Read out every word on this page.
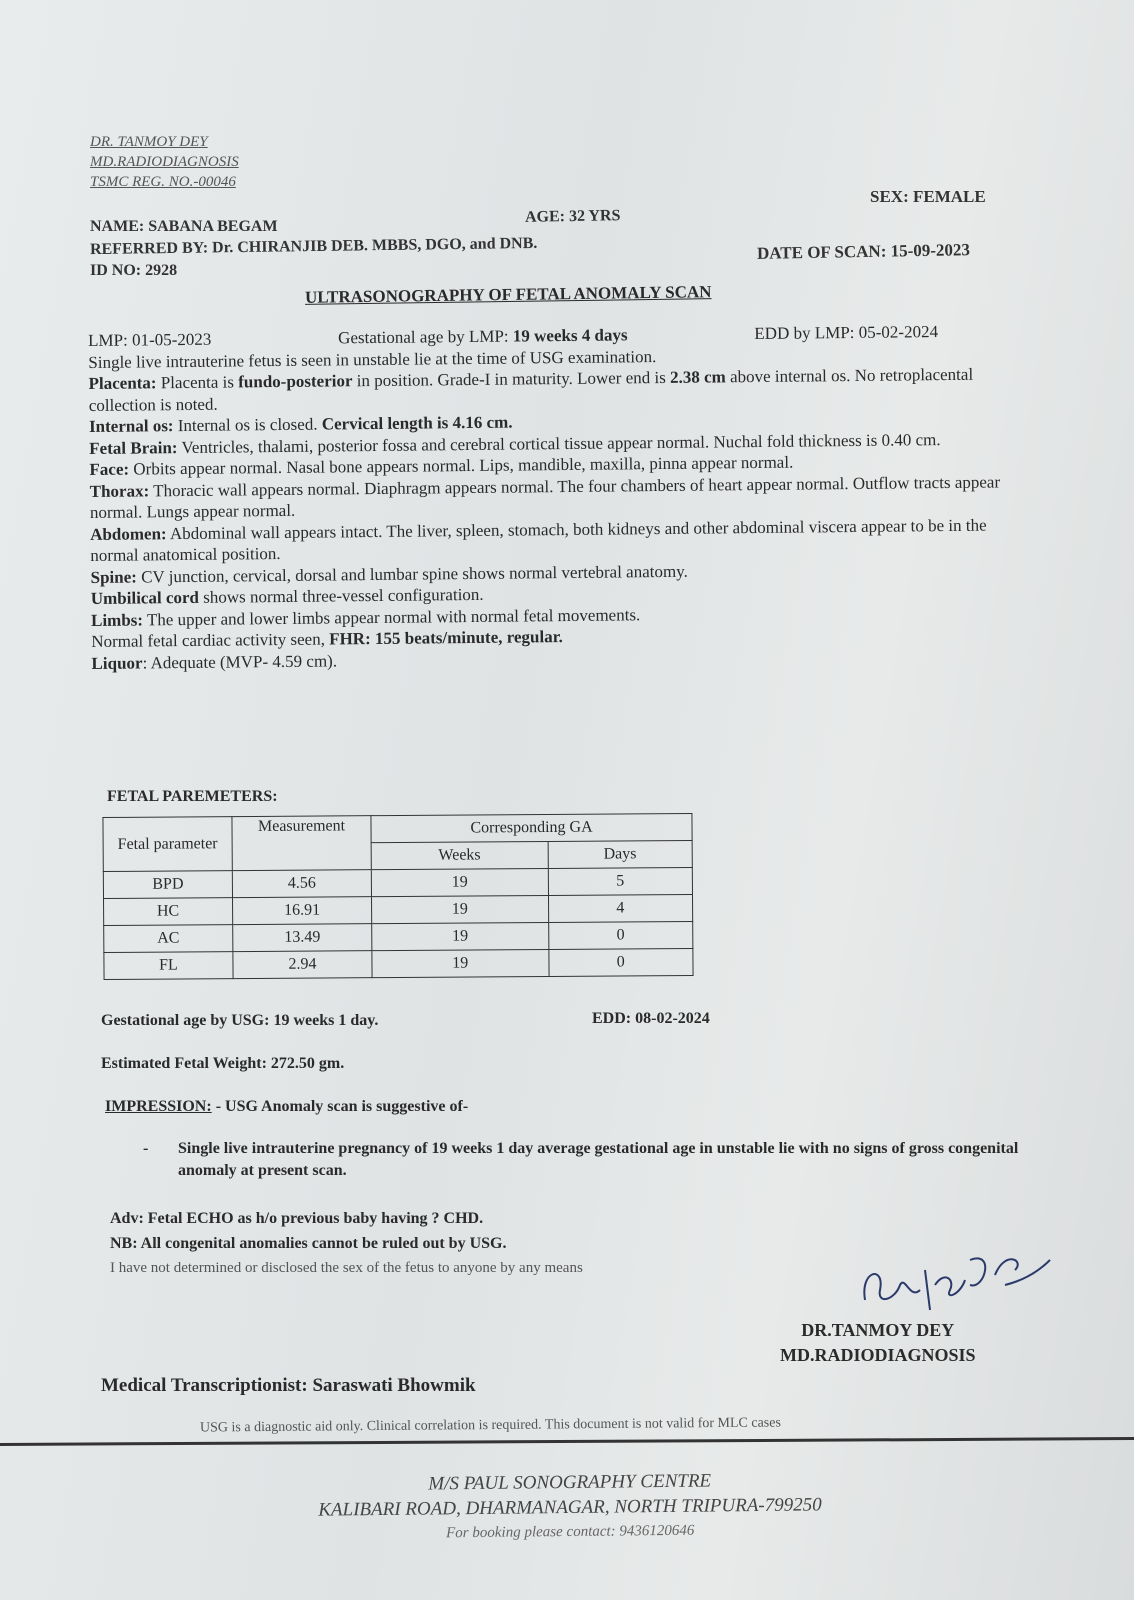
DR. TANMOY DEY
MD.RADIODIAGNOSIS
TSMC REG. NO.-00046
NAME: SABANA BEGAM
AGE: 32 YRS
SEX: FEMALE
REFERRED BY: Dr. CHIRANJIB DEB. MBBS, DGO, and DNB.
ID NO: 2928
DATE OF SCAN: 15-09-2023
ULTRASONOGRAPHY OF FETAL ANOMALY SCAN
LMP: 01-05-2023	Gestational age by LMP: 19 weeks 4 days	EDD by LMP: 05-02-2024

Single live intrauterine fetus is seen in unstable lie at the time of USG examination.

Placenta: Placenta is fundo-posterior in position. Grade-I in maturity. Lower end is 2.38 cm above internal os. No retroplacental collection is noted.

Internal os: Internal os is closed. Cervical length is 4.16 cm.

Fetal Brain: Ventricles, thalami, posterior fossa and cerebral cortical tissue appear normal. Nuchal fold thickness is 0.40 cm.

Face: Orbits appear normal. Nasal bone appears normal. Lips, mandible, maxilla, pinna appear normal.

Thorax: Thoracic wall appears normal. Diaphragm appears normal. The four chambers of heart appear normal. Outflow tracts appear normal. Lungs appear normal.

Abdomen: Abdominal wall appears intact. The liver, spleen, stomach, both kidneys and other abdominal viscera appear to be in the normal anatomical position.

Spine: CV junction, cervical, dorsal and lumbar spine shows normal vertebral anatomy.

Umbilical cord shows normal three-vessel configuration.

Limbs: The upper and lower limbs appear normal with normal fetal movements.

Normal fetal cardiac activity seen, FHR: 155 beats/minute, regular.

Liquor: Adequate (MVP- 4.59 cm).

FETAL PAREMETERS:
Fetal parameter	Measurement	Corresponding GA	
		Weeks	Days
BPD	4.56	19	5
HC	16.91	19	4
AC	13.49	19	0
FL	2.94	19	0
Gestational age by USG: 19 weeks 1 day.	EDD: 08-02-2024
Estimated Fetal Weight: 272.50 gm.
IMPRESSION: - USG Anomaly scan is suggestive of-
- Single live intrauterine pregnancy of 19 weeks 1 day average gestational age in unstable lie with no signs of gross congenital anomaly at present scan.
Adv: Fetal ECHO as h/o previous baby having ? CHD.
NB: All congenital anomalies cannot be ruled out by USG.
I have not determined or disclosed the sex of the fetus to anyone by any means
DR.TANMOY DEY
MD.RADIODIAGNOSIS
Medical Transcriptionist: Saraswati Bhowmik
USG is a diagnostic aid only. Clinical correlation is required. This document is not valid for MLC cases
M/S PAUL SONOGRAPHY CENTRE
KALIBARI ROAD, DHARMANAGAR, NORTH TRIPURA-799250
For booking please contact: 9436120646
